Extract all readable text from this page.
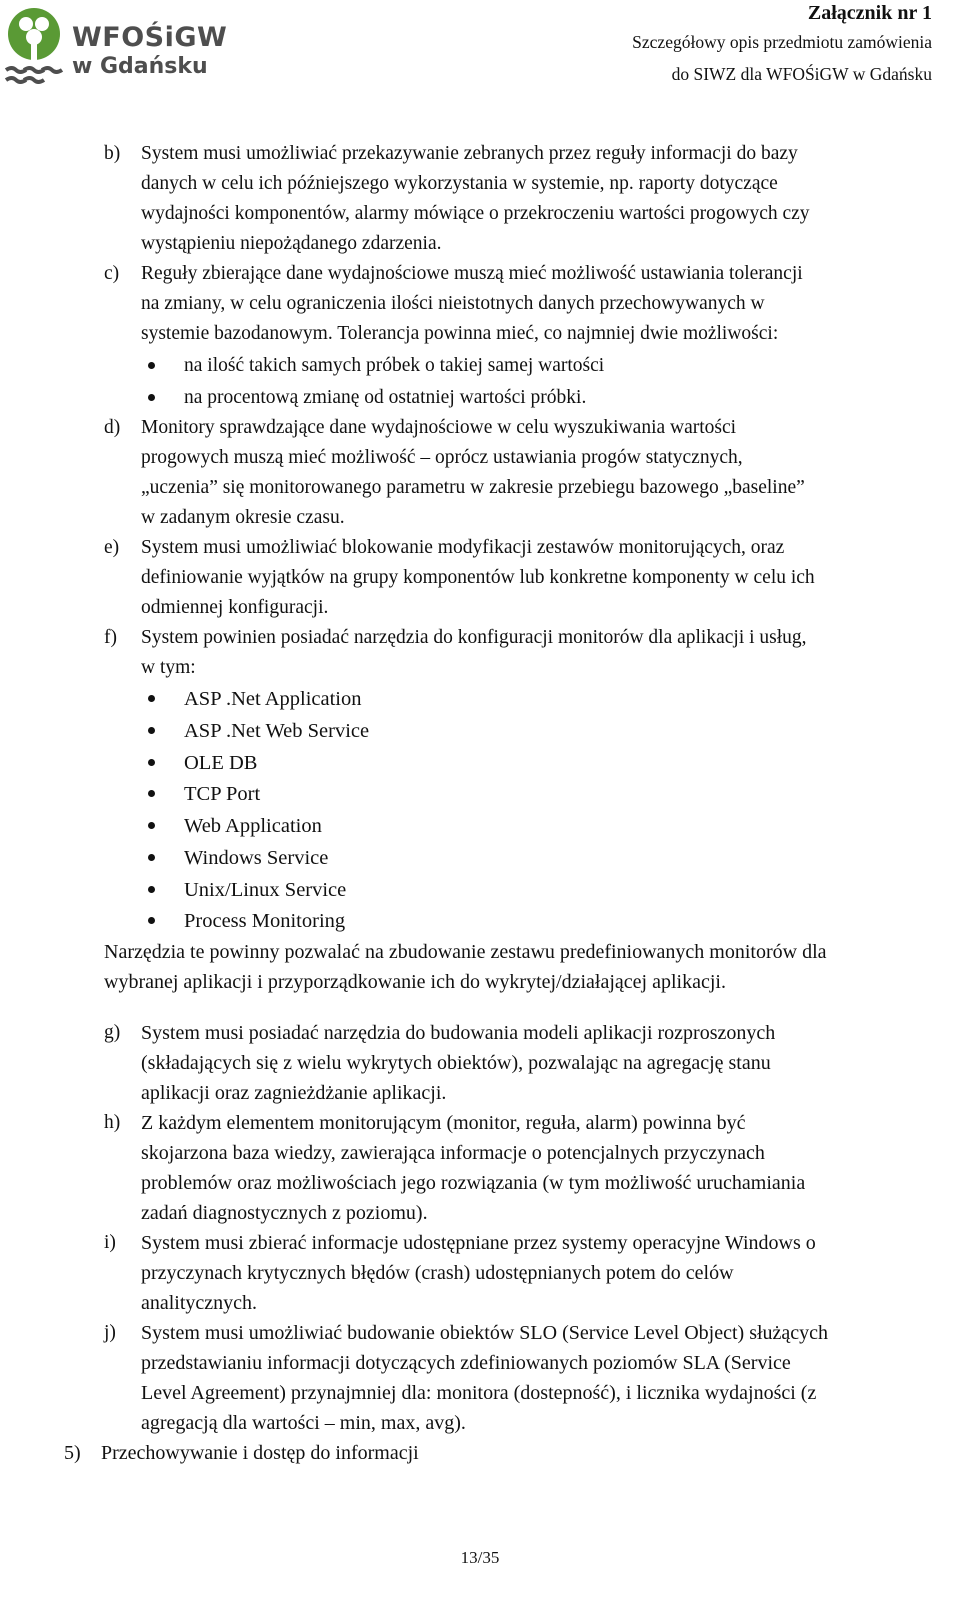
WFOŚiGW
w Gdańsku
Załącznik nr 1
Szczegółowy opis przedmiotu zamówienia
do SIWZ dla WFOŚiGW w Gdańsku
b) System musi umożliwiać przekazywanie zebranych przez reguły informacji do bazy
danych w celu ich późniejszego wykorzystania w systemie, np. raporty dotyczące
wydajności komponentów, alarmy mówiące o przekroczeniu wartości progowych czy
wystąpieniu niepożądanego zdarzenia.
c) Reguły zbierające dane wydajnościowe muszą mieć możliwość ustawiania tolerancji
na zmiany, w celu ograniczenia ilości nieistotnych danych przechowywanych w
systemie bazodanowym. Tolerancja powinna mieć, co najmniej dwie możliwości:
na ilość takich samych próbek o takiej samej wartości
na procentową zmianę od ostatniej wartości próbki.
d) Monitory sprawdzające dane wydajnościowe w celu wyszukiwania wartości
progowych muszą mieć możliwość – oprócz ustawiania progów statycznych,
„uczenia” się monitorowanego parametru w zakresie przebiegu bazowego „baseline”
w zadanym okresie czasu.
e) System musi umożliwiać blokowanie modyfikacji zestawów monitorujących, oraz
definiowanie wyjątków na grupy komponentów lub konkretne komponenty w celu ich
odmiennej konfiguracji.
f) System powinien posiadać narzędzia do konfiguracji monitorów dla aplikacji i usług,
w tym:
ASP .Net Application
ASP .Net Web Service
OLE DB
TCP Port
Web Application
Windows Service
Unix/Linux Service
Process Monitoring
Narzędzia te powinny pozwalać na zbudowanie zestawu predefiniowanych monitorów dla
wybranej aplikacji i przyporządkowanie ich do wykrytej/działającej aplikacji.
g) System musi posiadać narzędzia do budowania modeli aplikacji rozproszonych
(składających się z wielu wykrytych obiektów), pozwalając na agregację stanu
aplikacji oraz zagnieżdżanie aplikacji.
h) Z każdym elementem monitorującym (monitor, reguła, alarm) powinna być
skojarzona baza wiedzy, zawierająca informacje o potencjalnych przyczynach
problemów oraz możliwościach jego rozwiązania (w tym możliwość uruchamiania
zadań diagnostycznych z poziomu).
i) System musi zbierać informacje udostępniane przez systemy operacyjne Windows o
przyczynach krytycznych błędów (crash) udostępnianych potem do celów
analitycznych.
j) System musi umożliwiać budowanie obiektów SLO (Service Level Object) służących
przedstawianiu informacji dotyczących zdefiniowanych poziomów SLA (Service
Level Agreement) przynajmniej dla: monitora (dostepność), i licznika wydajności (z
agregacją dla wartości – min, max, avg).
5) Przechowywanie i dostęp do informacji
13/35
